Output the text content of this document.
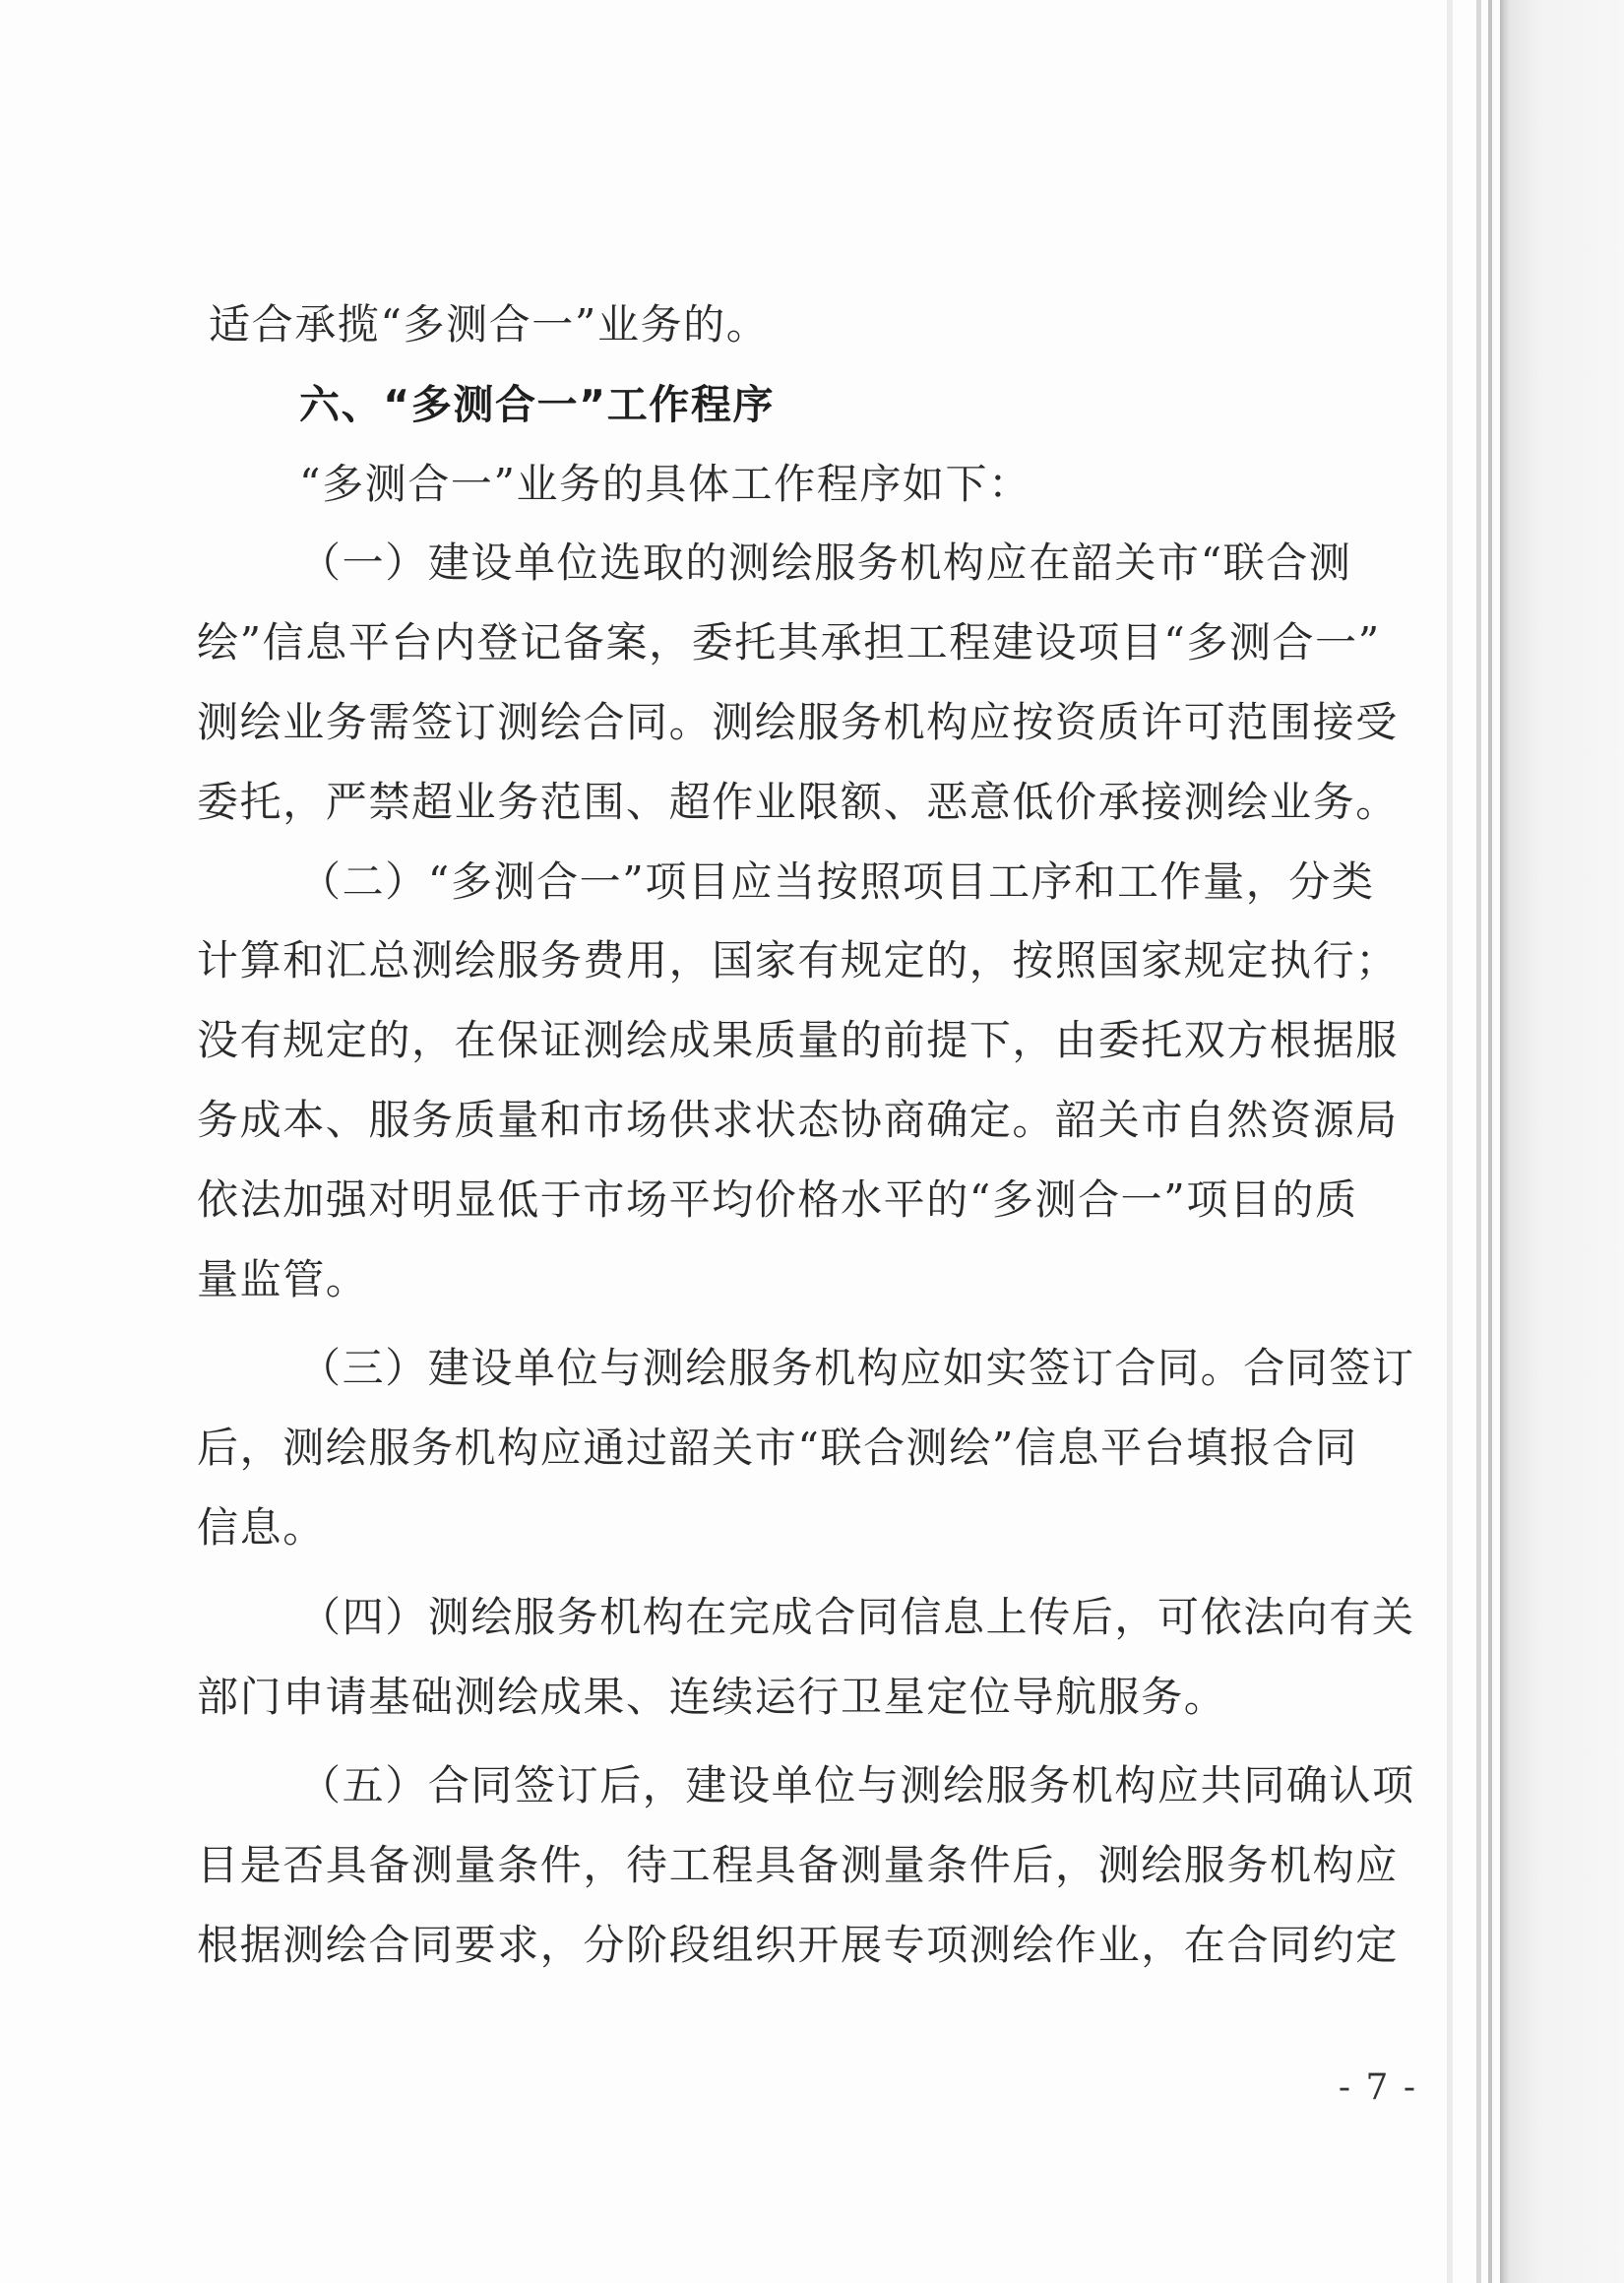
适合承揽“多测合一”业务的。
六、“多测合一”工作程序
“多测合一”业务的具体工作程序如下：
（一）建设单位选取的测绘服务机构应在韶关市“联合测
绘”信息平台内登记备案，委托其承担工程建设项目“多测合一”
测绘业务需签订测绘合同。测绘服务机构应按资质许可范围接受
委托，严禁超业务范围、超作业限额、恶意低价承接测绘业务。
（二）“多测合一”项目应当按照项目工序和工作量，分类
计算和汇总测绘服务费用，国家有规定的，按照国家规定执行；
没有规定的，在保证测绘成果质量的前提下，由委托双方根据服
务成本、服务质量和市场供求状态协商确定。韶关市自然资源局
依法加强对明显低于市场平均价格水平的“多测合一”项目的质
量监管。
（三）建设单位与测绘服务机构应如实签订合同。合同签订
后，测绘服务机构应通过韶关市“联合测绘”信息平台填报合同
信息。
（四）测绘服务机构在完成合同信息上传后，可依法向有关
部门申请基础测绘成果、连续运行卫星定位导航服务。
（五）合同签订后，建设单位与测绘服务机构应共同确认项
目是否具备测量条件，待工程具备测量条件后，测绘服务机构应
根据测绘合同要求，分阶段组织开展专项测绘作业，在合同约定
- 7 -
